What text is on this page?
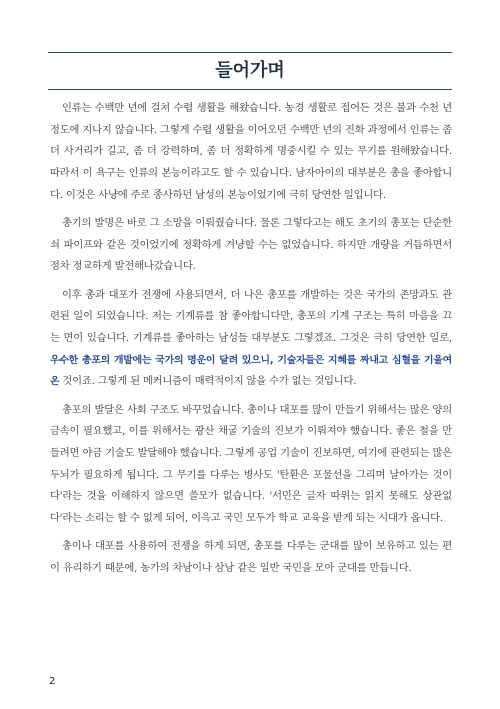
들어가며

인류는 수백만 년에 걸쳐 수렵 생활을 해왔습니다. 농경 생활로 접어든 것은 불과 수천 년 정도에 지나지 않습니다. 그렇게 수렵 생활을 이어오던 수백만 년의 진화 과정에서 인류는 좀 더 사거리가 길고, 좀 더 강력하며, 좀 더 정확하게 명중시킬 수 있는 무기를 원해왔습니다. 따라서 이 욕구는 인류의 본능이라고도 할 수 있습니다. 남자아이의 대부분은 총을 좋아합니다. 이것은 사냥에 주로 종사하던 남성의 본능이었기에 극히 당연한 일입니다.

총기의 발명은 바로 그 소망을 이뤄줬습니다. 물론 그렇다고는 해도 초기의 총포는 단순한 쇠 파이프와 같은 것이었기에 정확하게 겨냥할 수는 없었습니다. 하지만 개량을 거듭하면서 점차 정교하게 발전해나갔습니다.

이후 총과 대포가 전쟁에 사용되면서, 더 나은 총포를 개발하는 것은 국가의 존망과도 관련된 일이 되었습니다. 저는 기계류를 참 좋아합니다만, 총포의 기계 구조는 특히 마음을 끄는 면이 있습니다. 기계류를 좋아하는 남성들 대부분도 그렇겠죠. 그것은 극히 당연한 일로, 우수한 총포의 개발에는 국가의 명운이 달려 있으니, 기술자들은 지혜를 짜내고 심혈을 기울여온 것이죠. 그렇게 된 메커니즘이 매력적이지 않을 수가 없는 것입니다.

총포의 발달은 사회 구조도 바꾸었습니다. 총이나 대포를 많이 만들기 위해서는 많은 양의 금속이 필요했고, 이를 위해서는 광산 채굴 기술의 진보가 이뤄져야 했습니다. 좋은 철을 만들려면 야금 기술도 발달해야 했습니다. 그렇게 공업 기술이 진보하면, 여기에 관련되는 많은 두뇌가 필요하게 됩니다. 그 무기를 다루는 병사도 '탄환은 포물선을 그리며 날아가는 것이다'라는 것을 이해하지 않으면 쓸모가 없습니다. '서민은 글자 따위는 읽지 못해도 상관없다'라는 소리는 할 수 없게 되어, 이윽고 국민 모두가 학교 교육을 받게 되는 시대가 옵니다.

총이나 대포를 사용하여 전쟁을 하게 되면, 총포를 다루는 군대를 많이 보유하고 있는 편이 유리하기 때문에, 농가의 차남이나 삼남 같은 일반 국민을 모아 군대를 만듭니다.

2
